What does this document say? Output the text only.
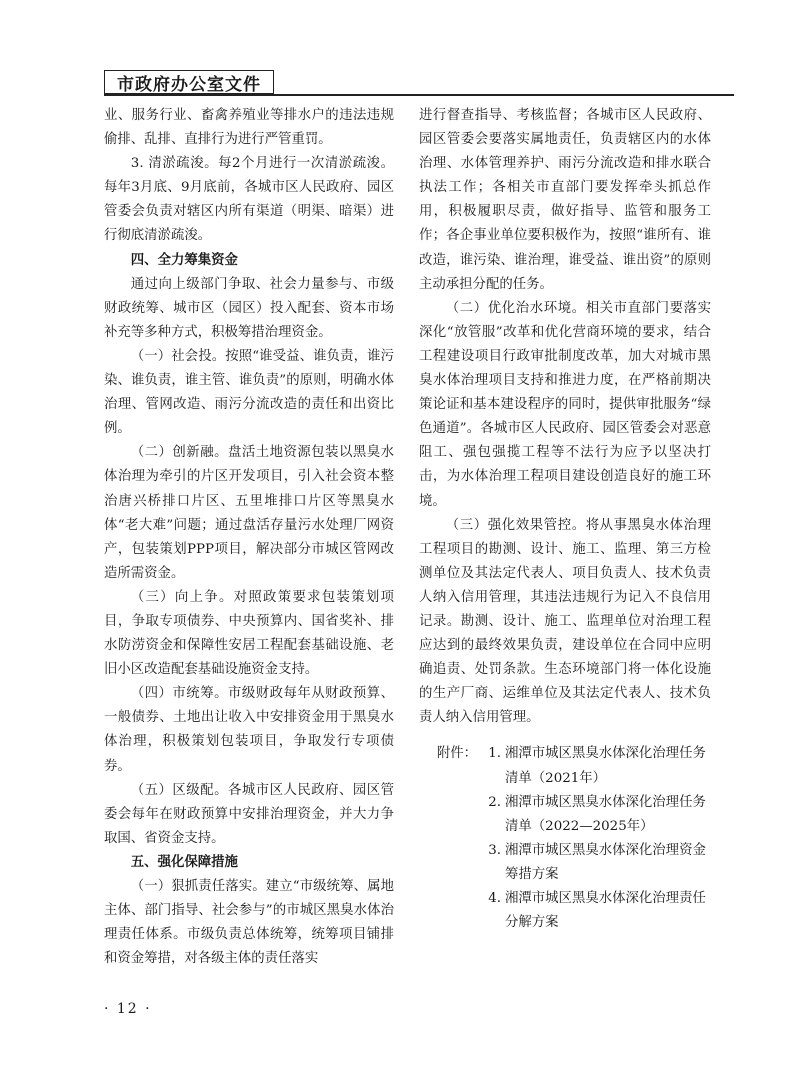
市政府办公室文件

业、服务行业、畜禽养殖业等排水户的违法违规偷排、乱排、直排行为进行严管重罚。

3. 清淤疏浚。每2个月进行一次清淤疏浚。每年3月底、9月底前，各城市区人民政府、园区管委会负责对辖区内所有渠道（明渠、暗渠）进行彻底清淤疏浚。

四、全力筹集资金

通过向上级部门争取、社会力量参与、市级财政统筹、城市区（园区）投入配套、资本市场补充等多种方式，积极筹措治理资金。

（一）社会投。按照“谁受益、谁负责，谁污染、谁负责，谁主管、谁负责”的原则，明确水体治理、管网改造、雨污分流改造的责任和出资比例。

（二）创新融。盘活土地资源包装以黑臭水体治理为牵引的片区开发项目，引入社会资本整治唐兴桥排口片区、五里堆排口片区等黑臭水体“老大难”问题；通过盘活存量污水处理厂网资产，包装策划PPP项目，解决部分市城区管网改造所需资金。

（三）向上争。对照政策要求包装策划项目，争取专项债券、中央预算内、国省奖补、排水防涝资金和保障性安居工程配套基础设施、老旧小区改造配套基础设施资金支持。

（四）市统筹。市级财政每年从财政预算、一般债券、土地出让收入中安排资金用于黑臭水体治理，积极策划包装项目，争取发行专项债券。

（五）区级配。各城市区人民政府、园区管委会每年在财政预算中安排治理资金，并大力争取国、省资金支持。

五、强化保障措施

（一）狠抓责任落实。建立“市级统筹、属地主体、部门指导、社会参与”的市城区黑臭水体治理责任体系。市级负责总体统筹，统筹项目铺排和资金筹措，对各级主体的责任落实

进行督查指导、考核监督；各城市区人民政府、园区管委会要落实属地责任，负责辖区内的水体治理、水体管理养护、雨污分流改造和排水联合执法工作；各相关市直部门要发挥牵头抓总作用，积极履职尽责，做好指导、监管和服务工作；各企事业单位要积极作为，按照“谁所有、谁改造，谁污染、谁治理，谁受益、谁出资”的原则主动承担分配的任务。

（二）优化治水环境。相关市直部门要落实深化“放管服”改革和优化营商环境的要求，结合工程建设项目行政审批制度改革，加大对城市黑臭水体治理项目支持和推进力度，在严格前期决策论证和基本建设程序的同时，提供审批服务“绿色通道”。各城市区人民政府、园区管委会对恶意阻工、强包强揽工程等不法行为应予以坚决打击，为水体治理工程项目建设创造良好的施工环境。

（三）强化效果管控。将从事黑臭水体治理工程项目的勘测、设计、施工、监理、第三方检测单位及其法定代表人、项目负责人、技术负责人纳入信用管理，其违法违规行为记入不良信用记录。勘测、设计、施工、监理单位对治理工程应达到的最终效果负责，建设单位在合同中应明确追责、处罚条款。生态环境部门将一体化设施的生产厂商、运维单位及其法定代表人、技术负责人纳入信用管理。

附件： 1. 湘潭市城区黑臭水体深化治理任务
清单（2021年）
2. 湘潭市城区黑臭水体深化治理任务
清单（2022—2025年）
3. 湘潭市城区黑臭水体深化治理资金
筹措方案
4. 湘潭市城区黑臭水体深化治理责任
分解方案
· 12 ·
